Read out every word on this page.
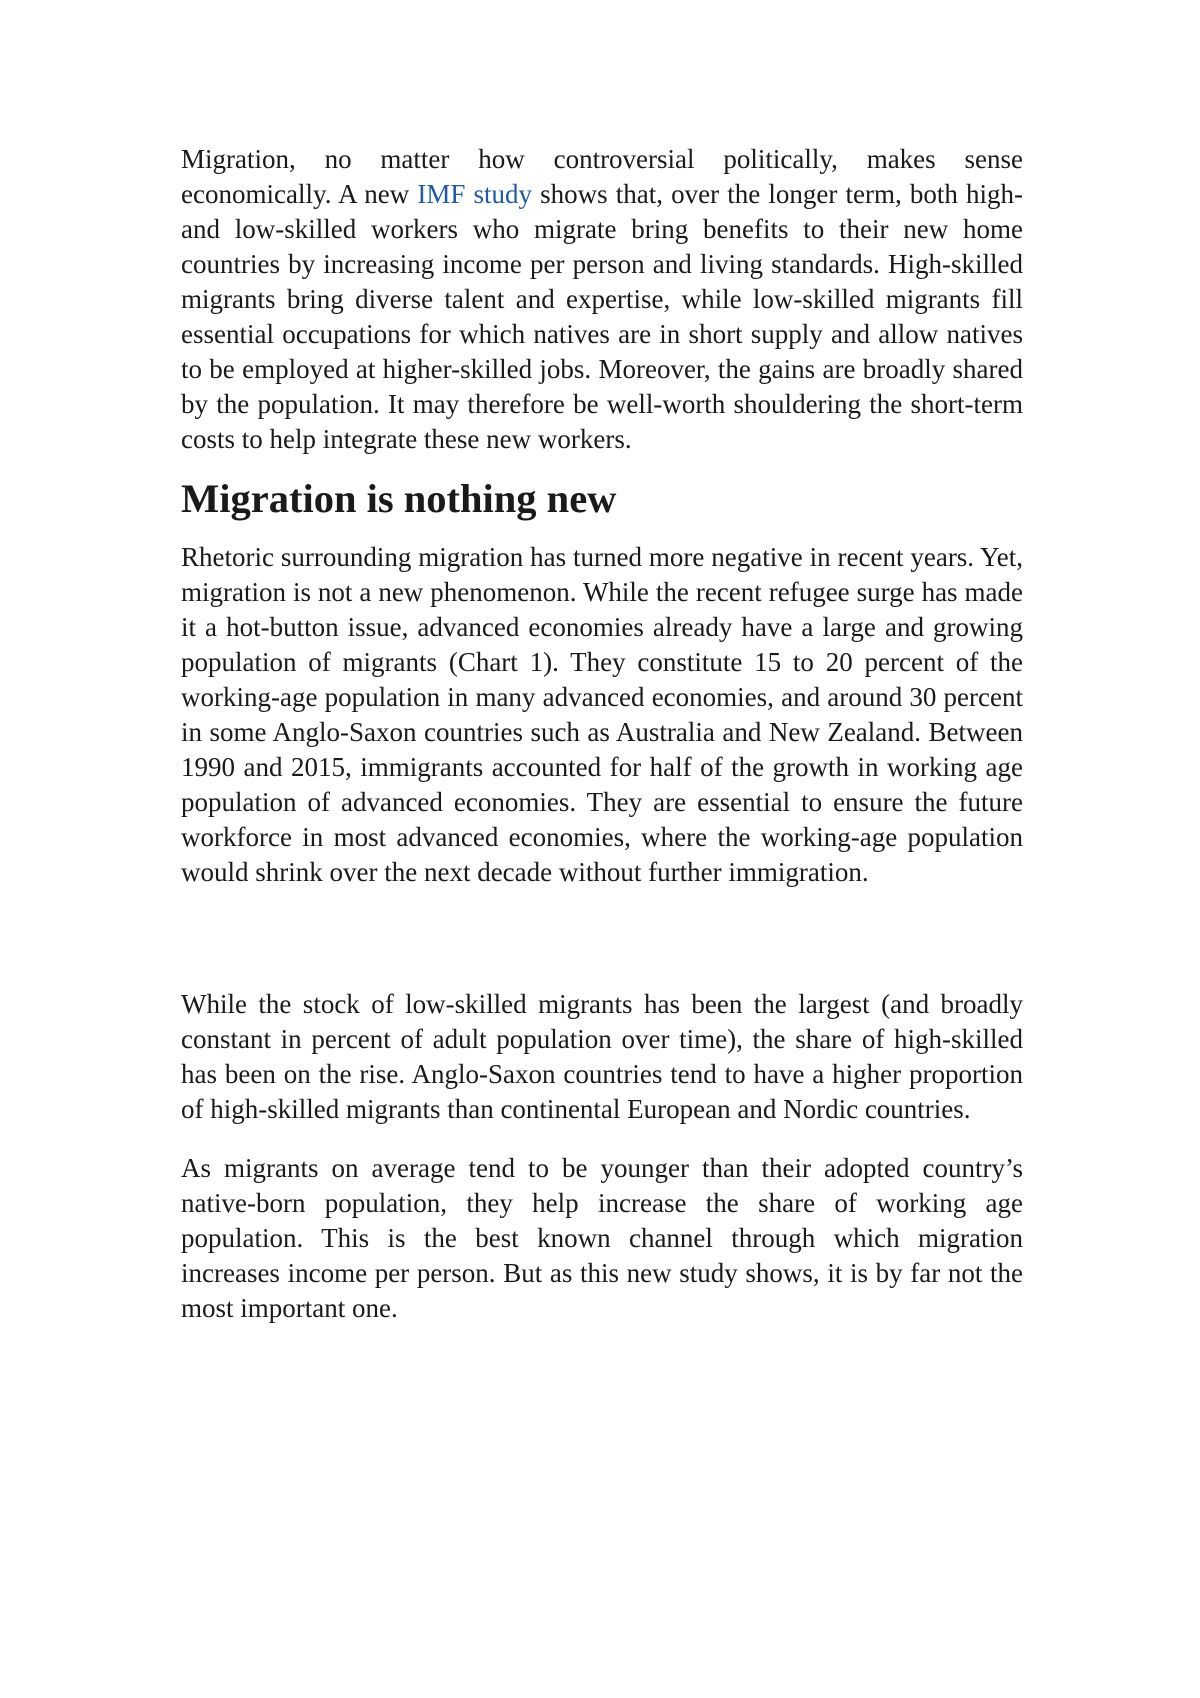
Migration, no matter how controversial politically, makes sense economically. A new IMF study shows that, over the longer term, both high- and low-skilled workers who migrate bring benefits to their new home countries by increasing income per person and living standards. High-skilled migrants bring diverse talent and expertise, while low-skilled migrants fill essential occupations for which natives are in short supply and allow natives to be employed at higher-skilled jobs. Moreover, the gains are broadly shared by the population. It may therefore be well-worth shouldering the short-term costs to help integrate these new workers.

Migration is nothing new

Rhetoric surrounding migration has turned more negative in recent years. Yet, migration is not a new phenomenon. While the recent refugee surge has made it a hot-button issue, advanced economies already have a large and growing population of migrants (Chart 1). They constitute 15 to 20 percent of the working-age population in many advanced economies, and around 30 percent in some Anglo-Saxon countries such as Australia and New Zealand. Between 1990 and 2015, immigrants accounted for half of the growth in working age population of advanced economies. They are essential to ensure the future workforce in most advanced economies, where the working-age population would shrink over the next decade without further immigration.

While the stock of low-skilled migrants has been the largest (and broadly constant in percent of adult population over time), the share of high-skilled has been on the rise. Anglo-Saxon countries tend to have a higher proportion of high-skilled migrants than continental European and Nordic countries.

As migrants on average tend to be younger than their adopted country’s native-born population, they help increase the share of working age population. This is the best known channel through which migration increases income per person. But as this new study shows, it is by far not the most important one.
